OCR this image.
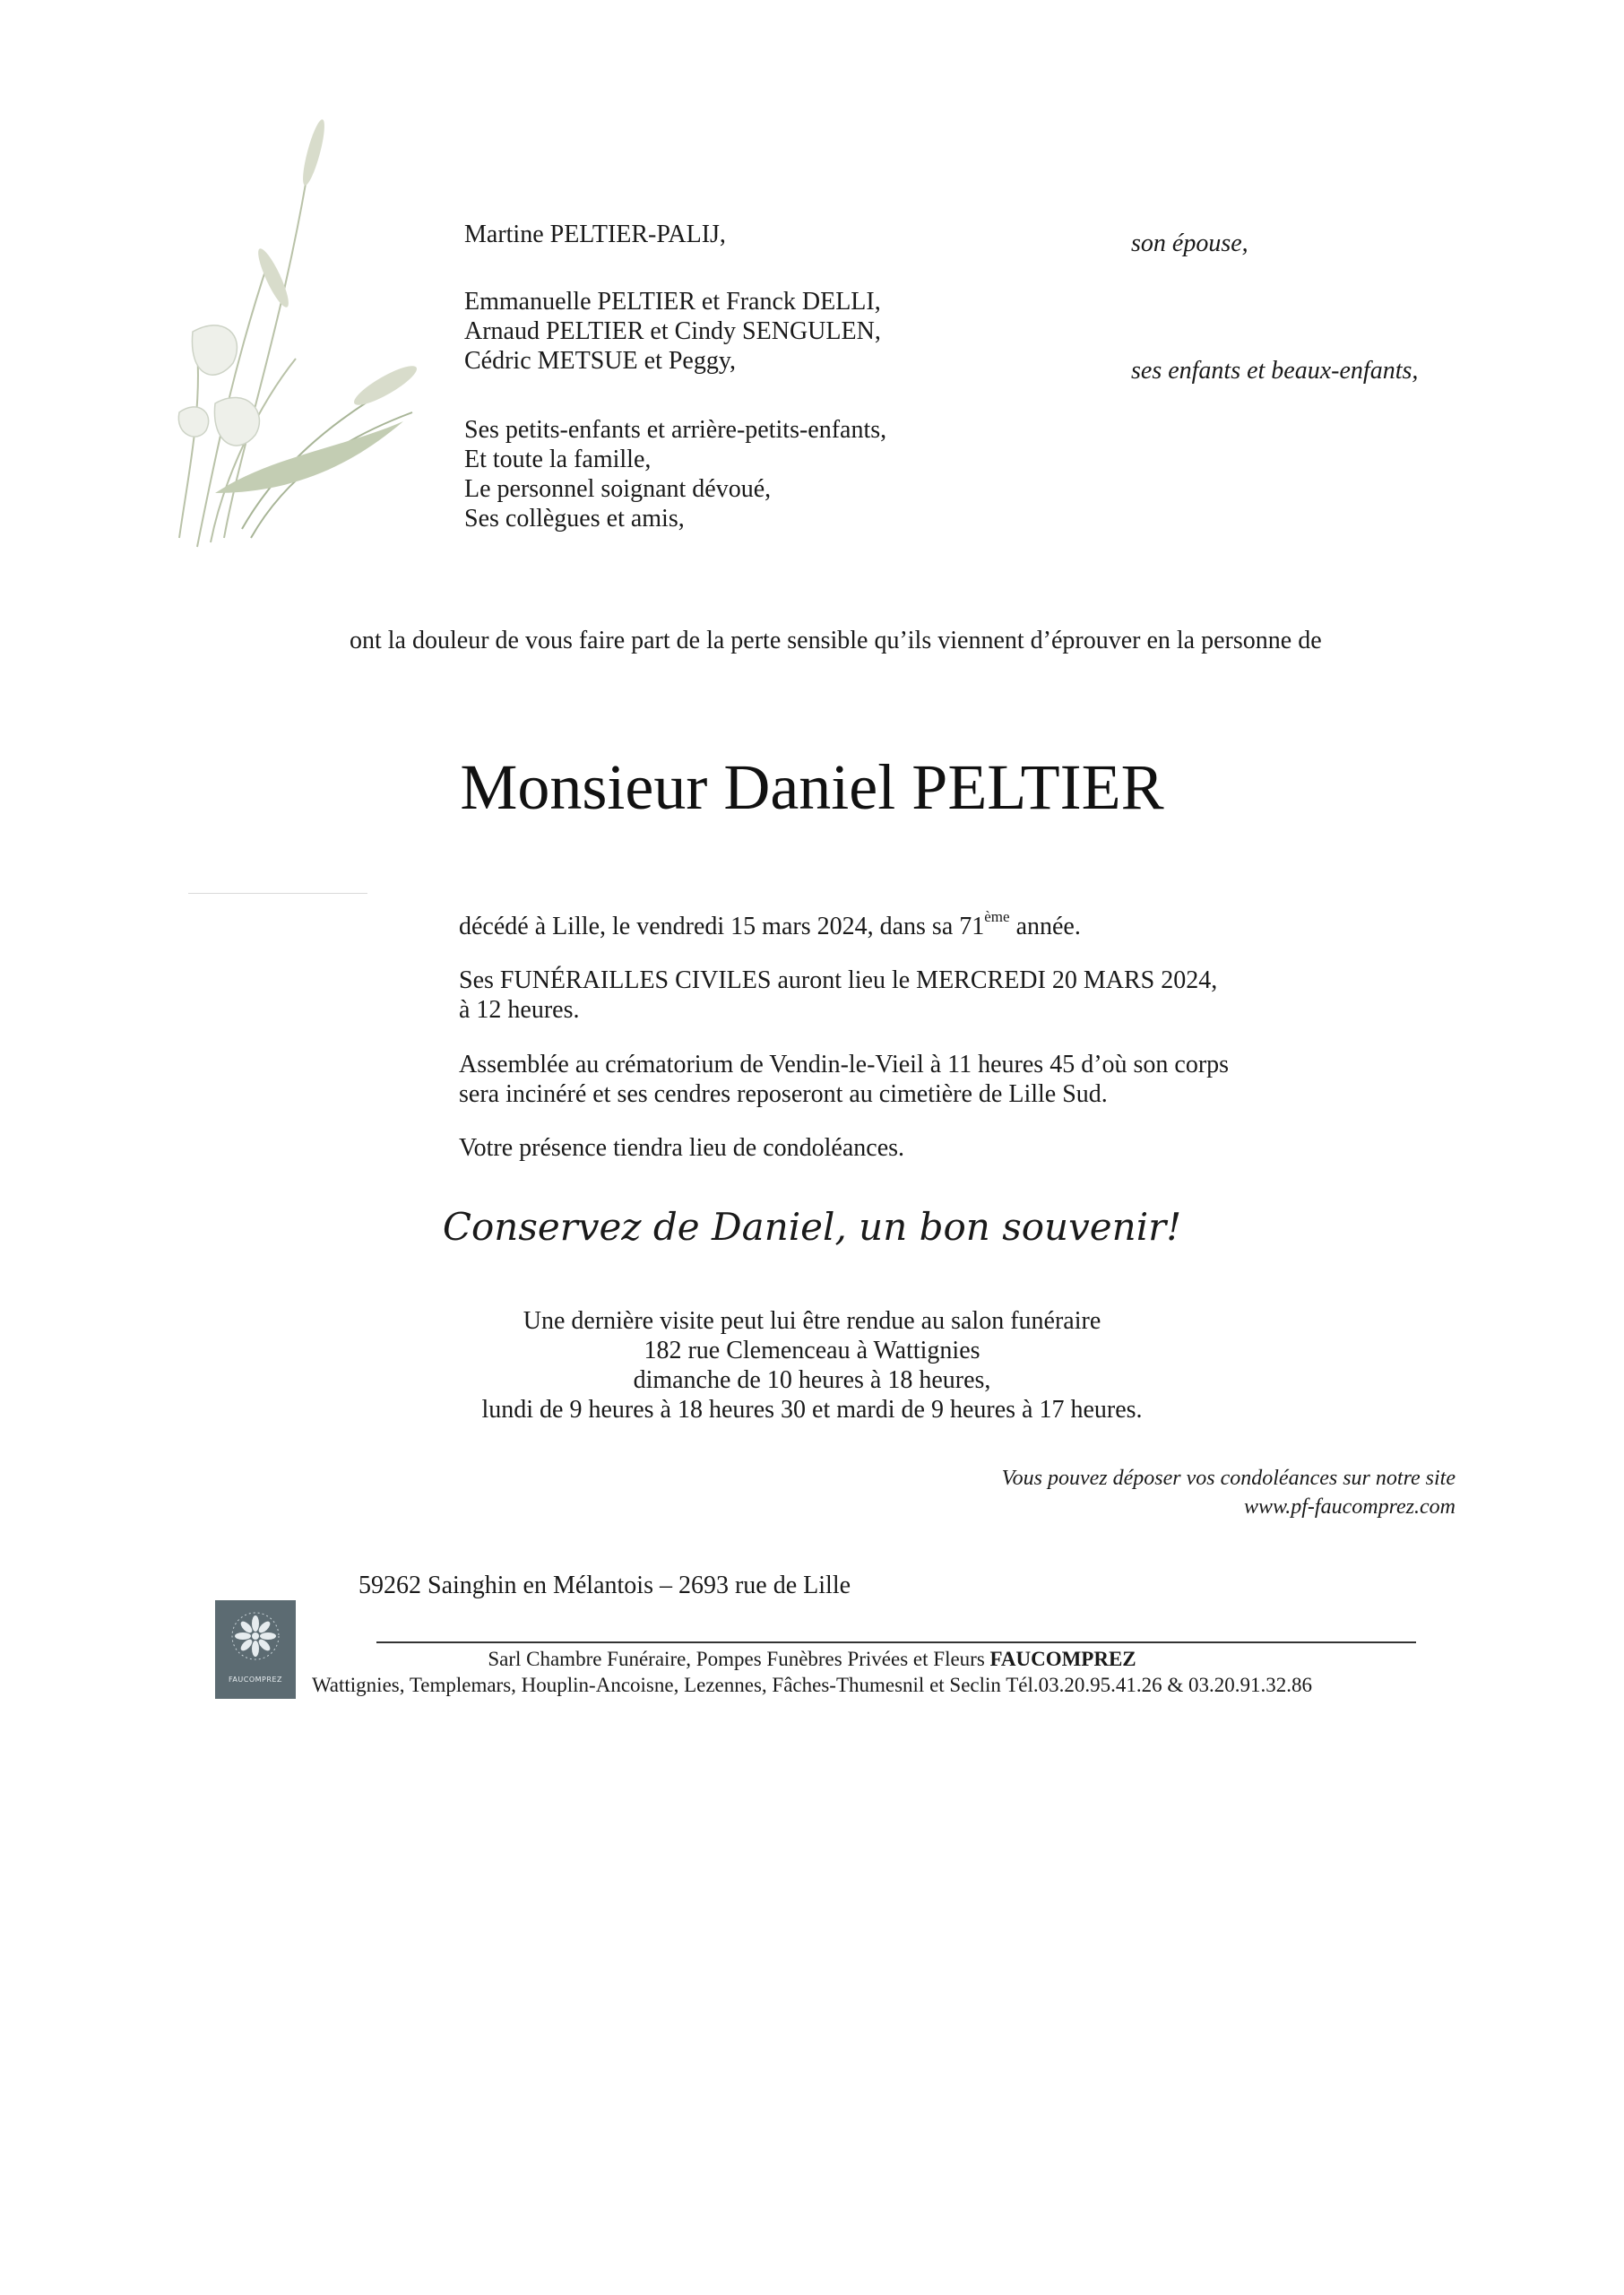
Martine PELTIER-PALIJ,	son épouse,
Emmanuelle PELTIER et Franck DELLI,
Arnaud PELTIER et Cindy SENGULEN,
Cédric METSUE et Peggy,	ses enfants et beaux-enfants,
Ses petits-enfants et arrière-petits-enfants,
Et toute la famille,
Le personnel soignant dévoué,
Ses collègues et amis,
ont la douleur de vous faire part de la perte sensible qu’ils viennent d’éprouver en la personne de
Monsieur Daniel PELTIER
décédé à Lille, le vendredi 15 mars 2024, dans sa 71ème année.
Ses FUNÉRAILLES CIVILES auront lieu le MERCREDI 20 MARS 2024,
à 12 heures.
Assemblée au crématorium de Vendin-le-Vieil à 11 heures 45 d’où son corps
sera incinéré et ses cendres reposeront au cimetière de Lille Sud.
Votre présence tiendra lieu de condoléances.
Conservez de Daniel, un bon souvenir!
Une dernière visite peut lui être rendue au salon funéraire
182 rue Clemenceau à Wattignies
dimanche de 10 heures à 18 heures,
lundi de 9 heures à 18 heures 30 et mardi de 9 heures à 17 heures.
Vous pouvez déposer vos condoléances sur notre site
www.pf-faucomprez.com
59262 Sainghin en Mélantois – 2693 rue de Lille
FAUCOMPREZ
Sarl Chambre Funéraire, Pompes Funèbres Privées et Fleurs FAUCOMPREZ
Wattignies, Templemars, Houplin-Ancoisne, Lezennes, Fâches-Thumesnil et Seclin Tél.03.20.95.41.26 & 03.20.91.32.86
